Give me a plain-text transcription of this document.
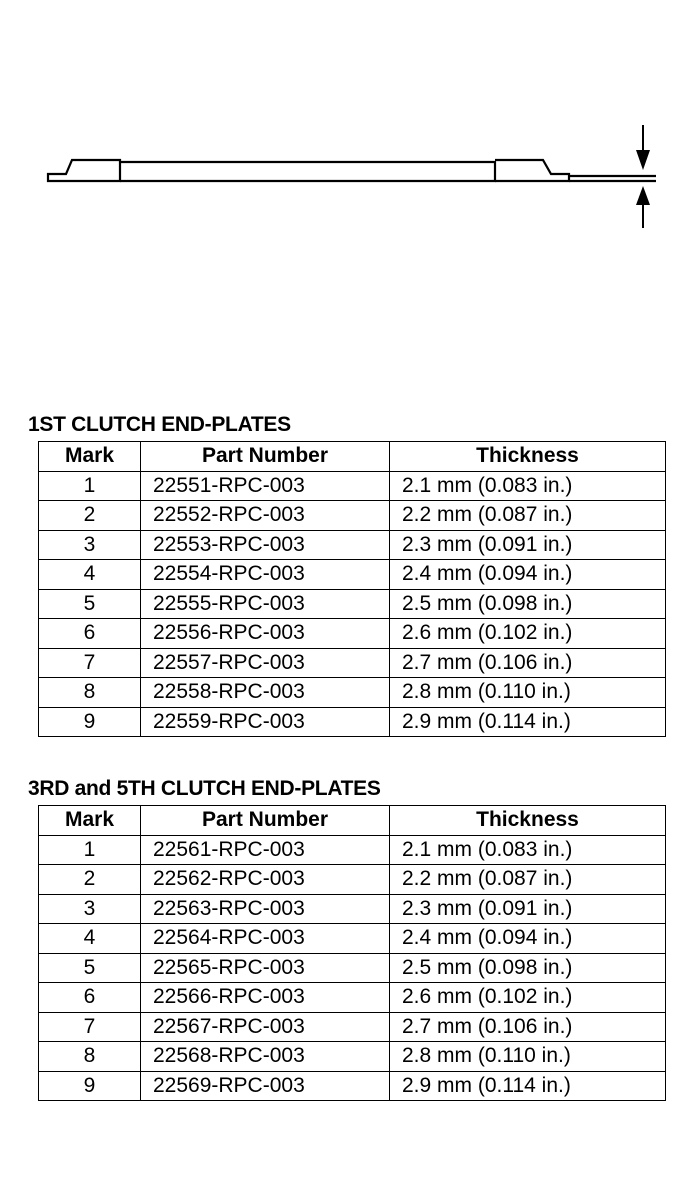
1ST CLUTCH END-PLATES
Mark	Part Number	Thickness
1	22551-RPC-003	2.1 mm (0.083 in.)
2	22552-RPC-003	2.2 mm (0.087 in.)
3	22553-RPC-003	2.3 mm (0.091 in.)
4	22554-RPC-003	2.4 mm (0.094 in.)
5	22555-RPC-003	2.5 mm (0.098 in.)
6	22556-RPC-003	2.6 mm (0.102 in.)
7	22557-RPC-003	2.7 mm (0.106 in.)
8	22558-RPC-003	2.8 mm (0.110 in.)
9	22559-RPC-003	2.9 mm (0.114 in.)
3RD and 5TH CLUTCH END-PLATES
Mark	Part Number	Thickness
1	22561-RPC-003	2.1 mm (0.083 in.)
2	22562-RPC-003	2.2 mm (0.087 in.)
3	22563-RPC-003	2.3 mm (0.091 in.)
4	22564-RPC-003	2.4 mm (0.094 in.)
5	22565-RPC-003	2.5 mm (0.098 in.)
6	22566-RPC-003	2.6 mm (0.102 in.)
7	22567-RPC-003	2.7 mm (0.106 in.)
8	22568-RPC-003	2.8 mm (0.110 in.)
9	22569-RPC-003	2.9 mm (0.114 in.)
